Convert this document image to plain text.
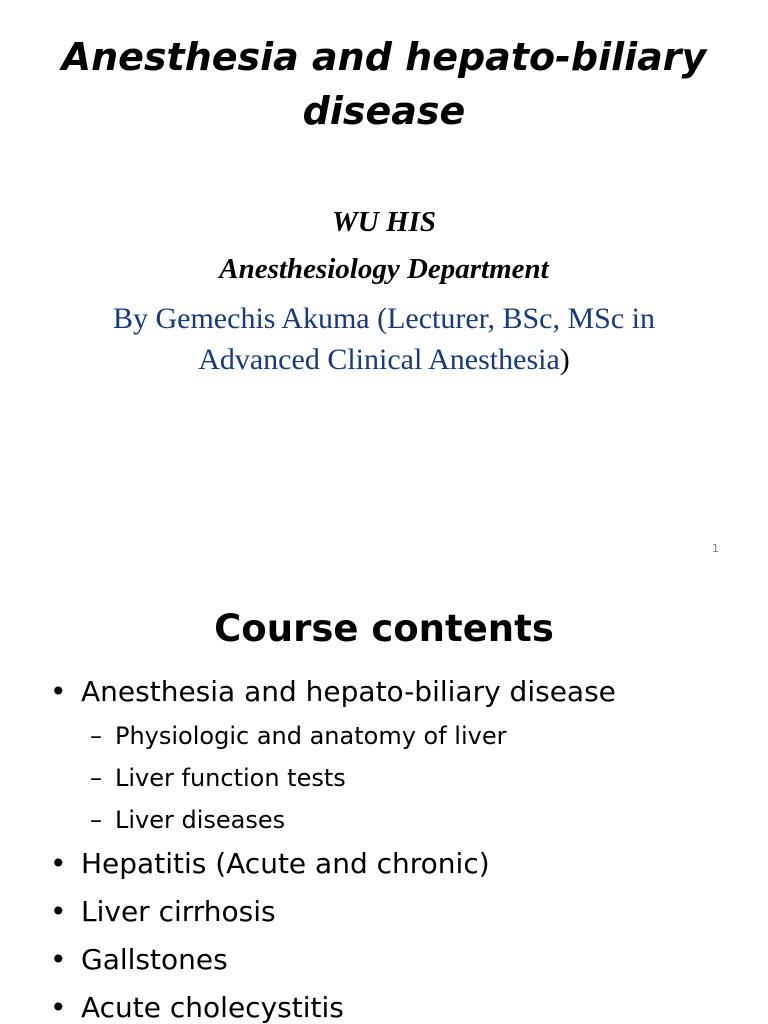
Anesthesia and hepato-biliary
disease

WU HIS

Anesthesiology Department

By Gemechis Akuma (Lecturer, BSc, MSc in
Advanced Clinical Anesthesia)

1
Course contents
• Anesthesia and hepato-biliary disease
– Physiologic and anatomy of liver
– Liver function tests
– Liver diseases
• Hepatitis (Acute and chronic)
• Liver cirrhosis
• Gallstones
• Acute cholecystitis
